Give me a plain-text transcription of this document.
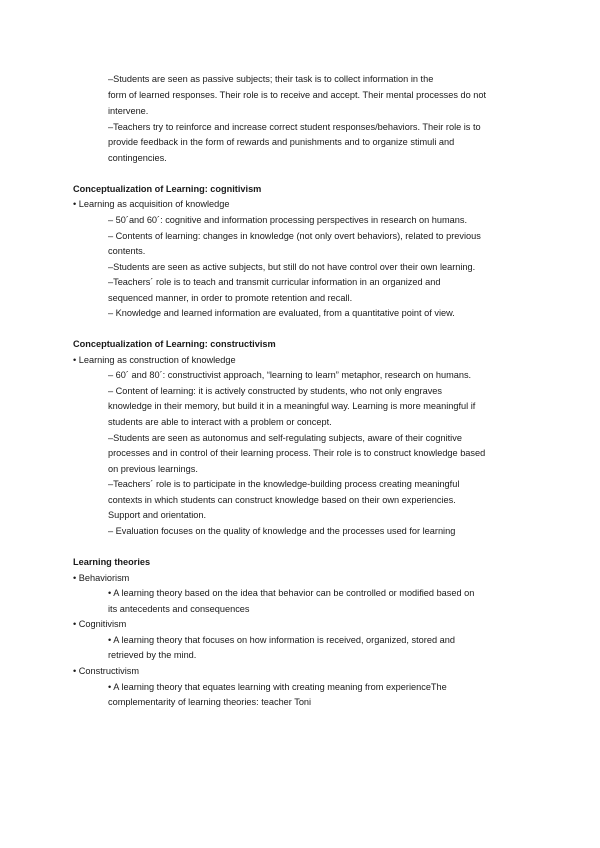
–Students are seen as passive subjects; their task is to collect information in the
form of learned responses. Their role is to receive and accept. Their mental processes do not
intervene.
–Teachers try to reinforce and increase correct student responses/behaviors. Their role is to
provide feedback in the form of rewards and punishments and to organize stimuli and
contingencies.
Conceptualization of Learning: cognitivism
• Learning as acquisition of knowledge
– 50´and 60´: cognitive and information processing perspectives in research on humans.
– Contents of learning: changes in knowledge (not only overt behaviors), related to previous
contents.
–Students are seen as active subjects, but still do not have control over their own learning.
–Teachers´ role is to teach and transmit curricular information in an organized and
sequenced manner, in order to promote retention and recall.
– Knowledge and learned information are evaluated, from a quantitative point of view.
Conceptualization of Learning: constructivism
• Learning as construction of knowledge
– 60´ and 80´: constructivist approach, “learning to learn” metaphor, research on humans.
– Content of learning: it is actively constructed by students, who not only engraves
knowledge in their memory, but build it in a meaningful way. Learning is more meaningful if
students are able to interact with a problem or concept.
–Students are seen as autonomus and self-regulating subjects, aware of their cognitive
processes and in control of their learning process. Their role is to construct knowledge based
on previous learnings.
–Teachers´ role is to participate in the knowledge-building process creating meaningful
contexts in which students can construct knowledge based on their own experiencies.
Support and orientation.
– Evaluation focuses on the quality of knowledge and the processes used for learning
Learning theories
• Behaviorism
• A learning theory based on the idea that behavior can be controlled or modified based on
its antecedents and consequences
• Cognitivism
• A learning theory that focuses on how information is received, organized, stored and
retrieved by the mind.
• Constructivism
• A learning theory that equates learning with creating meaning from experienceThe
complementarity of learning theories: teacher Toni
